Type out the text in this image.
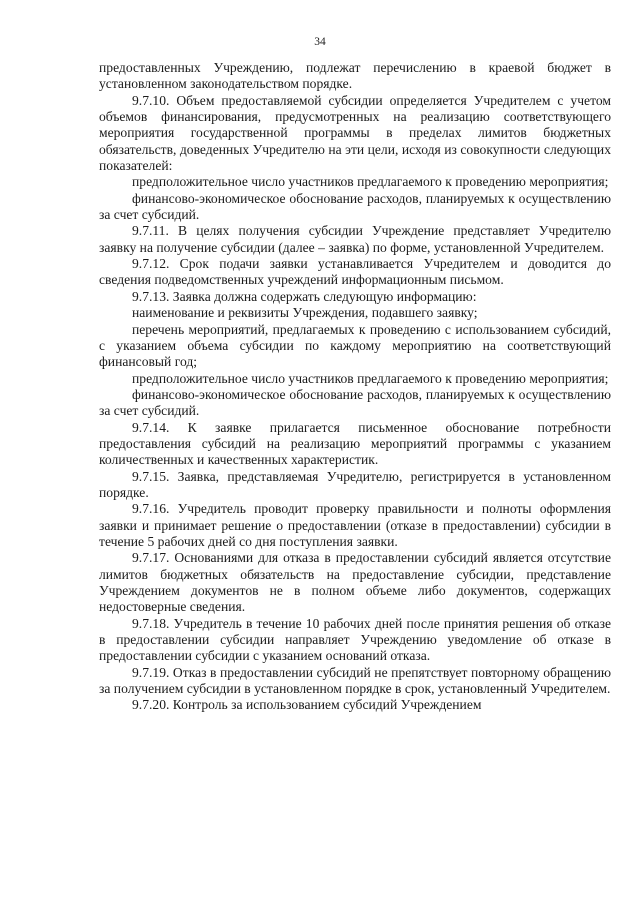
34

предоставленных Учреждению, подлежат перечислению в краевой бюджет в установленном законодательством порядке.

9.7.10. Объем предоставляемой субсидии определяется Учредителем с учетом объемов финансирования, предусмотренных на реализацию соответствующего мероприятия государственной программы в пределах лимитов бюджетных обязательств, доведенных Учредителю на эти цели, исходя из совокупности следующих показателей:

предположительное число участников предлагаемого к проведению мероприятия;

финансово-экономическое обоснование расходов, планируемых к осуществлению за счет субсидий.

9.7.11. В целях получения субсидии Учреждение представляет Учредителю заявку на получение субсидии (далее – заявка) по форме, установленной Учредителем.

9.7.12. Срок подачи заявки устанавливается Учредителем и доводится до сведения подведомственных учреждений информационным письмом.

9.7.13. Заявка должна содержать следующую информацию:

наименование и реквизиты Учреждения, подавшего заявку;

перечень мероприятий, предлагаемых к проведению с использованием субсидий, с указанием объема субсидии по каждому мероприятию на соответствующий финансовый год;

предположительное число участников предлагаемого к проведению мероприятия;

финансово-экономическое обоснование расходов, планируемых к осуществлению за счет субсидий.

9.7.14. К заявке прилагается письменное обоснование потребности предоставления субсидий на реализацию мероприятий программы с указанием количественных и качественных характеристик.

9.7.15. Заявка, представляемая Учредителю, регистрируется в установленном порядке.

9.7.16. Учредитель проводит проверку правильности и полноты оформления заявки и принимает решение о предоставлении (отказе в предоставлении) субсидии в течение 5 рабочих дней со дня поступления заявки.

9.7.17. Основаниями для отказа в предоставлении субсидий является отсутствие лимитов бюджетных обязательств на предоставление субсидии, представление Учреждением документов не в полном объеме либо документов, содержащих недостоверные сведения.

9.7.18. Учредитель в течение 10 рабочих дней после принятия решения об отказе в предоставлении субсидии направляет Учреждению уведомление об отказе в предоставлении субсидии с указанием оснований отказа.

9.7.19. Отказ в предоставлении субсидий не препятствует повторному обращению за получением субсидии в установленном порядке в срок, установленный Учредителем.

9.7.20. Контроль за использованием субсидий Учреждением
